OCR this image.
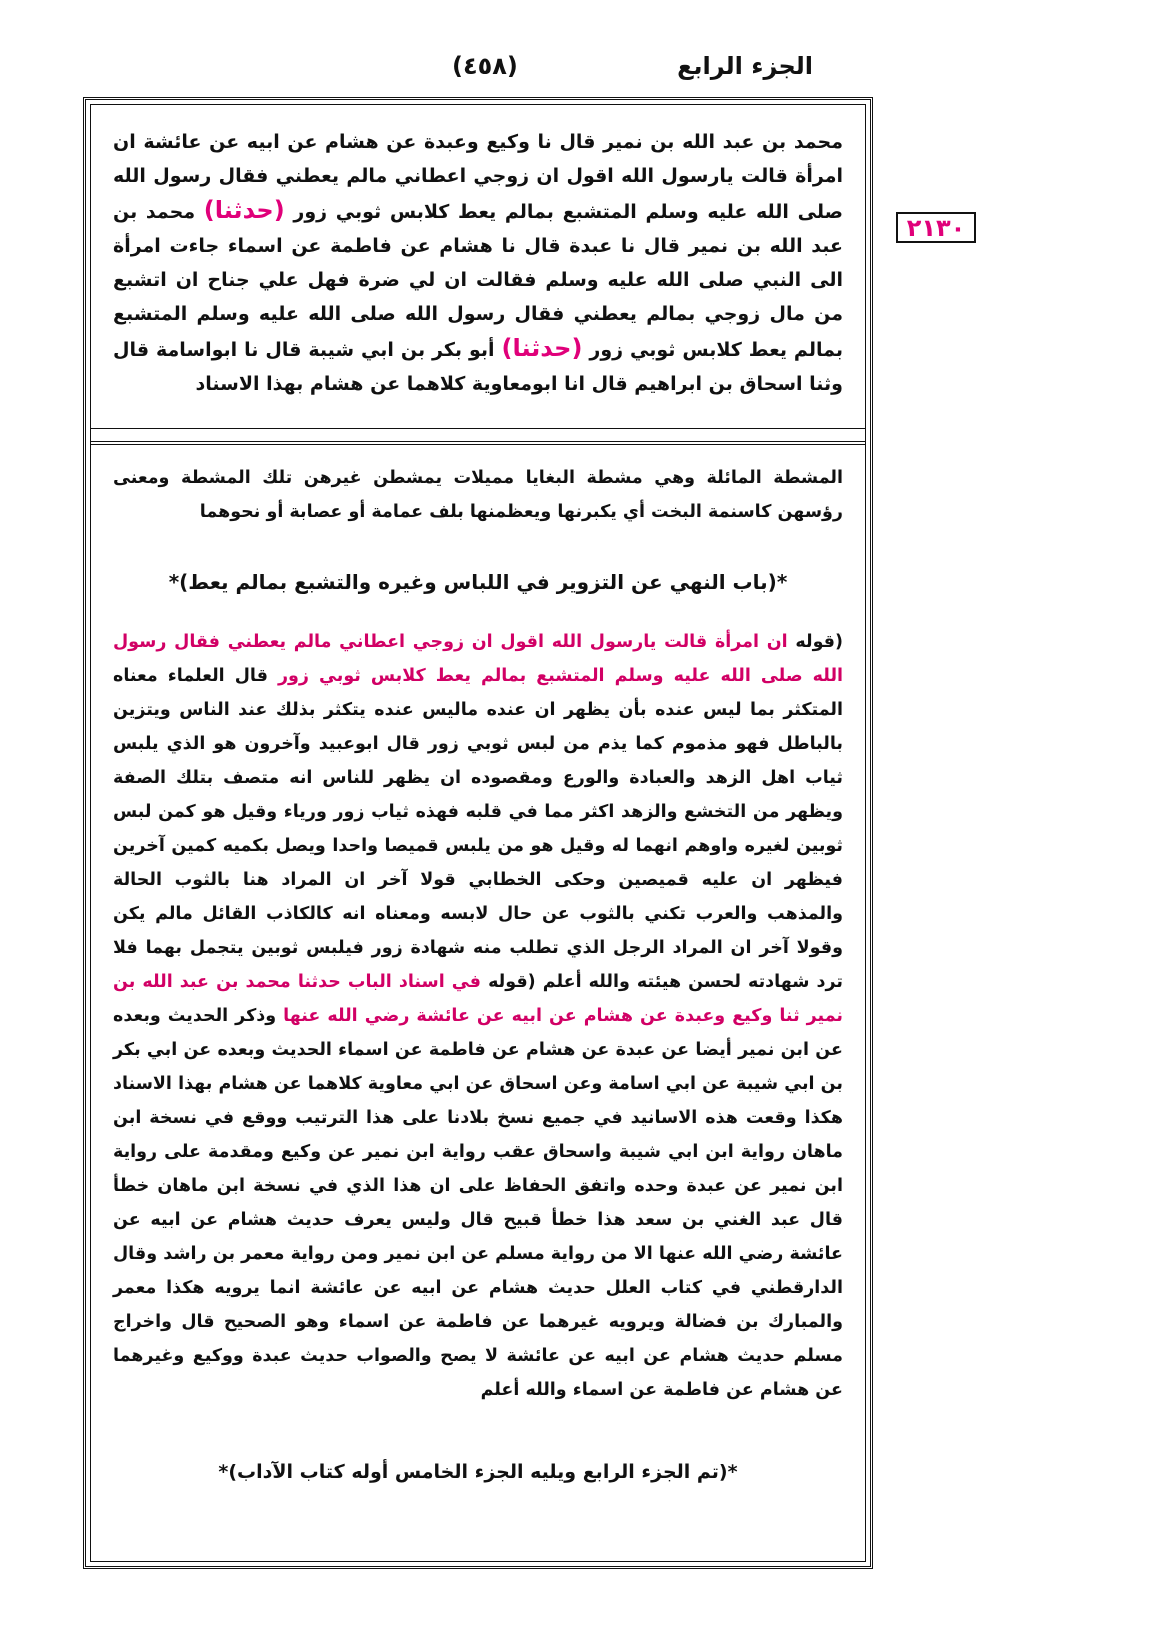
الجزء الرابع
(٤٥٨)
٢١٣٠

محمد بن عبد الله بن نمير قال نا وكيع وعبدة عن هشام عن ابيه عن عائشة ان امرأة قالت يارسول الله اقول ان زوجي اعطاني مالم يعطني فقال رسول الله صلى الله عليه وسلم المتشبع بمالم يعط كلابس ثوبي زور (حدثنا) محمد بن عبد الله بن نمير قال نا عبدة قال نا هشام عن فاطمة عن اسماء جاءت امرأة الى النبي صلى الله عليه وسلم فقالت ان لي ضرة فهل علي جناح ان اتشبع من مال زوجي بمالم يعطني فقال رسول الله صلى الله عليه وسلم المتشبع بمالم يعط كلابس ثوبي زور (حدثنا) أبو بكر بن ابي شيبة قال نا ابواسامة قال وثنا اسحاق بن ابراهيم قال انا ابومعاوية كلاهما عن هشام بهذا الاسناد

المشطة المائلة وهي مشطة البغايا مميلات يمشطن غيرهن تلك المشطة ومعنى رؤسهن كاسنمة البخت أي يكبرنها ويعظمنها بلف عمامة أو عصابة أو نحوهما

*(باب النهي عن التزوير في اللباس وغيره والتشبع بمالم يعط)*

(قوله ان امرأة قالت يارسول الله اقول ان زوجي اعطاني مالم يعطني فقال رسول الله صلى الله عليه وسلم المتشبع بمالم يعط كلابس ثوبي زور قال العلماء معناه المتكثر بما ليس عنده بأن يظهر ان عنده ماليس عنده يتكثر بذلك عند الناس ويتزين بالباطل فهو مذموم كما يذم من لبس ثوبي زور قال ابوعبيد وآخرون هو الذي يلبس ثياب اهل الزهد والعبادة والورع ومقصوده ان يظهر للناس انه متصف بتلك الصفة ويظهر من التخشع والزهد اكثر مما في قلبه فهذه ثياب زور ورياء وقيل هو كمن لبس ثوبين لغيره واوهم انهما له وقيل هو من يلبس قميصا واحدا ويصل بكميه كمين آخرين فيظهر ان عليه قميصين وحكى الخطابي قولا آخر ان المراد هنا بالثوب الحالة والمذهب والعرب تكني بالثوب عن حال لابسه ومعناه انه كالكاذب القائل مالم يكن وقولا آخر ان المراد الرجل الذي تطلب منه شهادة زور فيلبس ثوبين يتجمل بهما فلا ترد شهادته لحسن هيئته والله أعلم (قوله في اسناد الباب حدثنا محمد بن عبد الله بن نمير ثنا وكيع وعبدة عن هشام عن ابيه عن عائشة رضي الله عنها وذكر الحديث وبعده عن ابن نمير أيضا عن عبدة عن هشام عن فاطمة عن اسماء الحديث وبعده عن ابي بكر بن ابي شيبة عن ابي اسامة وعن اسحاق عن ابي معاوية كلاهما عن هشام بهذا الاسناد هكذا وقعت هذه الاسانيد في جميع نسخ بلادنا على هذا الترتيب ووقع في نسخة ابن ماهان رواية ابن ابي شيبة واسحاق عقب رواية ابن نمير عن وكيع ومقدمة على رواية ابن نمير عن عبدة وحده واتفق الحفاظ على ان هذا الذي في نسخة ابن ماهان خطأ قال عبد الغني بن سعد هذا خطأ قبيح قال وليس يعرف حديث هشام عن ابيه عن عائشة رضي الله عنها الا من رواية مسلم عن ابن نمير ومن رواية معمر بن راشد وقال الدارقطني في كتاب العلل حديث هشام عن ابيه عن عائشة انما يرويه هكذا معمر والمبارك بن فضالة ويرويه غيرهما عن فاطمة عن اسماء وهو الصحيح قال واخراج مسلم حديث هشام عن ابيه عن عائشة لا يصح والصواب حديث عبدة ووكيع وغيرهما عن هشام عن فاطمة عن اسماء والله أعلم

*(تم الجزء الرابع ويليه الجزء الخامس أوله كتاب الآداب)*
